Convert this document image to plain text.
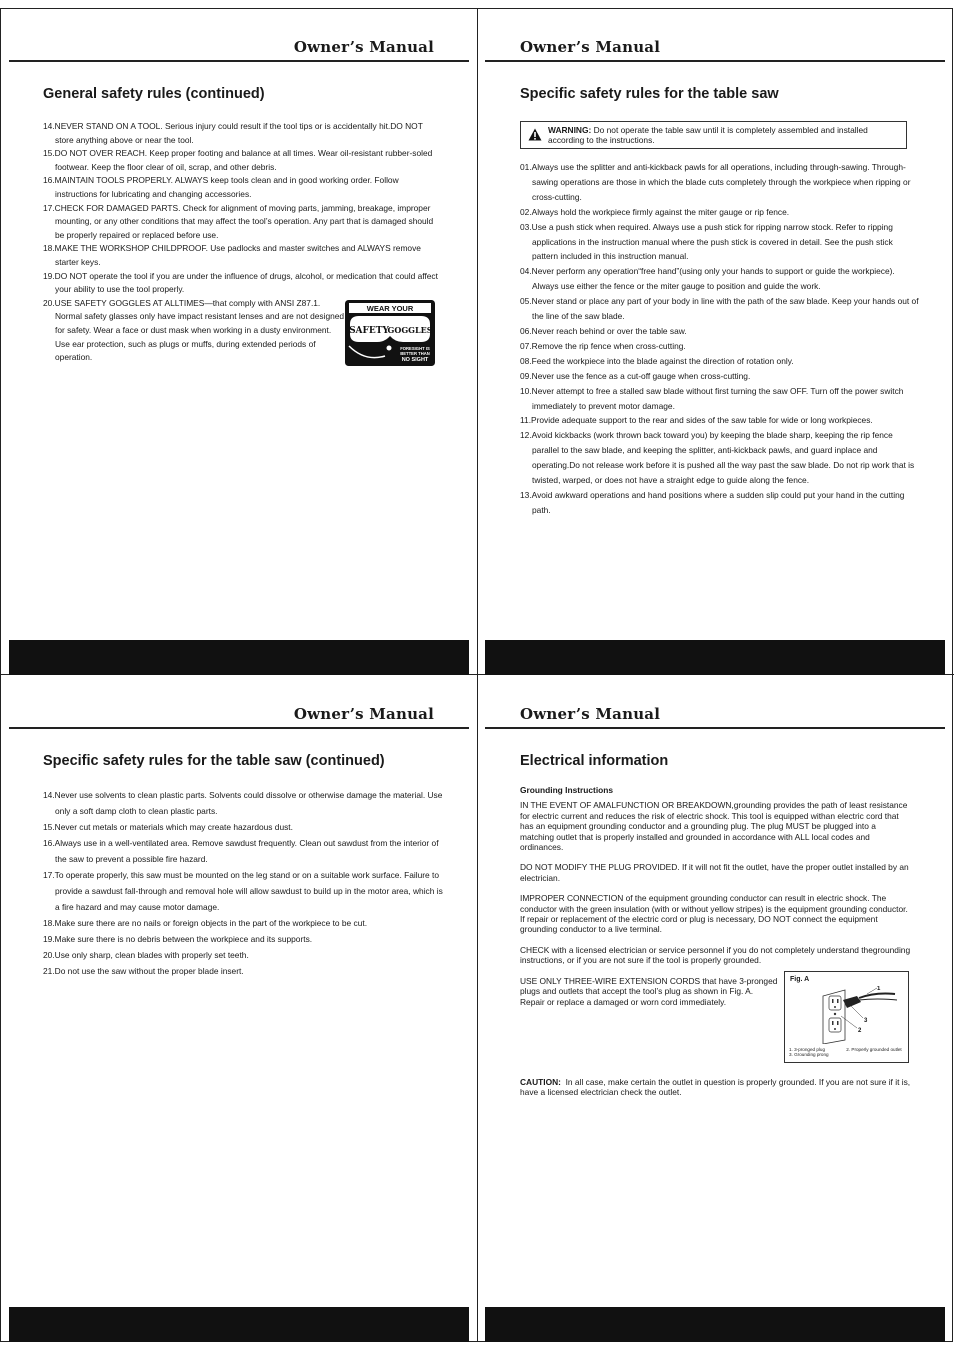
Owner’s Manual
General safety rules (continued)
14.NEVER STAND ON A TOOL. Serious injury could result if the tool tips or is accidentally hit.DO NOT store anything above or near the tool.
15.DO NOT OVER REACH. Keep proper footing and balance at all times. Wear oil-resistant rubber-soled footwear. Keep the floor clear of oil, scrap, and other debris.
16.MAINTAIN TOOLS PROPERLY. ALWAYS keep tools clean and in good working order. Follow instructions for lubricating and changing accessories.
17.CHECK FOR DAMAGED PARTS. Check for alignment of moving parts, jamming, breakage, improper mounting, or any other conditions that may affect the tool’s operation. Any part that is damaged should be properly repaired or replaced before use.
18.MAKE THE WORKSHOP CHILDPROOF. Use padlocks and master switches and ALWAYS remove starter keys.
19.DO NOT operate the tool if you are under the influence of drugs, alcohol, or medication that could affect your ability to use the tool properly.
20.USE SAFETY GOGGLES AT ALLTIMES—that comply with ANSI Z87.1. Normal safety glasses only have impact resistant lenses and are not designed for safety. Wear a face or dust mask when working in a dusty environment. Use ear protection, such as plugs or muffs, during extended periods of operation.
WEAR YOUR
SAFETY
GOGGLES
FORESIGHT IS
BETTER THAN
NO SIGHT
Owner’s Manual
Specific safety rules for the table saw
WARNING: Do not operate the table saw until it is completely assembled and installed according to the instructions.
01.Always use the splitter and anti-kickback pawls for all operations, including through-sawing. Through-sawing operations are those in which the blade cuts completely through the workpiece when ripping or cross-cutting.
02.Always hold the workpiece firmly against the miter gauge or rip fence.
03.Use a push stick when required. Always use a push stick for ripping narrow stock. Refer to ripping applications in the instruction manual where the push stick is covered in detail. See the push stick pattern included in this instruction manual.
04.Never perform any operation“free hand”(using only your hands to support or guide the workpiece). Always use either the fence or the miter gauge to position and guide the work.
05.Never stand or place any part of your body in line with the path of the saw blade. Keep your hands out of the line of the saw blade.
06.Never reach behind or over the table saw.
07.Remove the rip fence when cross-cutting.
08.Feed the workpiece into the blade against the direction of rotation only.
09.Never use the fence as a cut-off gauge when cross-cutting.
10.Never attempt to free a stalled saw blade without first turning the saw OFF. Turn off the power switch immediately to prevent motor damage.
11.Provide adequate support to the rear and sides of the saw table for wide or long workpieces.
12.Avoid kickbacks (work thrown back toward you) by keeping the blade sharp, keeping the rip fence parallel to the saw blade, and keeping the splitter, anti-kickback pawls, and guard inplace and operating.Do not release work before it is pushed all the way past the saw blade. Do not rip work that is twisted, warped, or does not have a straight edge to guide along the fence.
13.Avoid awkward operations and hand positions where a sudden slip could put your hand in the cutting path.
Owner’s Manual
Specific safety rules for the table saw (continued)
14.Never use solvents to clean plastic parts. Solvents could dissolve or otherwise damage the material. Use only a soft damp cloth to clean plastic parts.
15.Never cut metals or materials which may create hazardous dust.
16.Always use in a well-ventilated area. Remove sawdust frequently. Clean out sawdust from the interior of the saw to prevent a possible fire hazard.
17.To operate properly, this saw must be mounted on the leg stand or on a suitable work surface. Failure to provide a sawdust fall-through and removal hole will allow sawdust to build up in the motor area, which is a fire hazard and may cause motor damage.
18.Make sure there are no nails or foreign objects in the part of the workpiece to be cut.
19.Make sure there is no debris between the workpiece and its supports.
20.Use only sharp, clean blades with properly set teeth.
21.Do not use the saw without the proper blade insert.
Owner’s Manual
Electrical information
Grounding Instructions

IN THE EVENT OF AMALFUNCTION OR BREAKDOWN,grounding provides the path of least resistance for electric current and reduces the risk of electric shock. This tool is equipped withan electric cord that has an equipment grounding conductor and a grounding plug. The plug MUST be plugged into a matching outlet that is properly installed and grounded in accordance with ALL local codes and ordinances.

DO NOT MODIFY THE PLUG PROVIDED. If it will not fit the outlet, have the proper outlet installed by an electrician.

IMPROPER CONNECTION of the equipment grounding conductor can result in electric shock. The conductor with the green insulation (with or without yellow stripes) is the equipment grounding conductor. If repair or replacement of the electric cord or plug is necessary, DO NOT connect the equipment grounding conductor to a live terminal.

CHECK with a licensed electrician or service personnel if you do not completely understand thegrounding instructions, or if you are not sure if the tool is properly grounded.

USE ONLY THREE-WIRE EXTENSION CORDS that have 3-pronged plugs and outlets that accept the tool’s plug as shown in Fig. A. Repair or replace a damaged or worn cord immediately.

Fig. A
1
3
2
1. 3-pronged plug	2. Properly grounded outlet
3. Grounding prong

CAUTION: In all case, make certain the outlet in question is properly grounded. If you are not sure if it is, have a licensed electrician check the outlet.
